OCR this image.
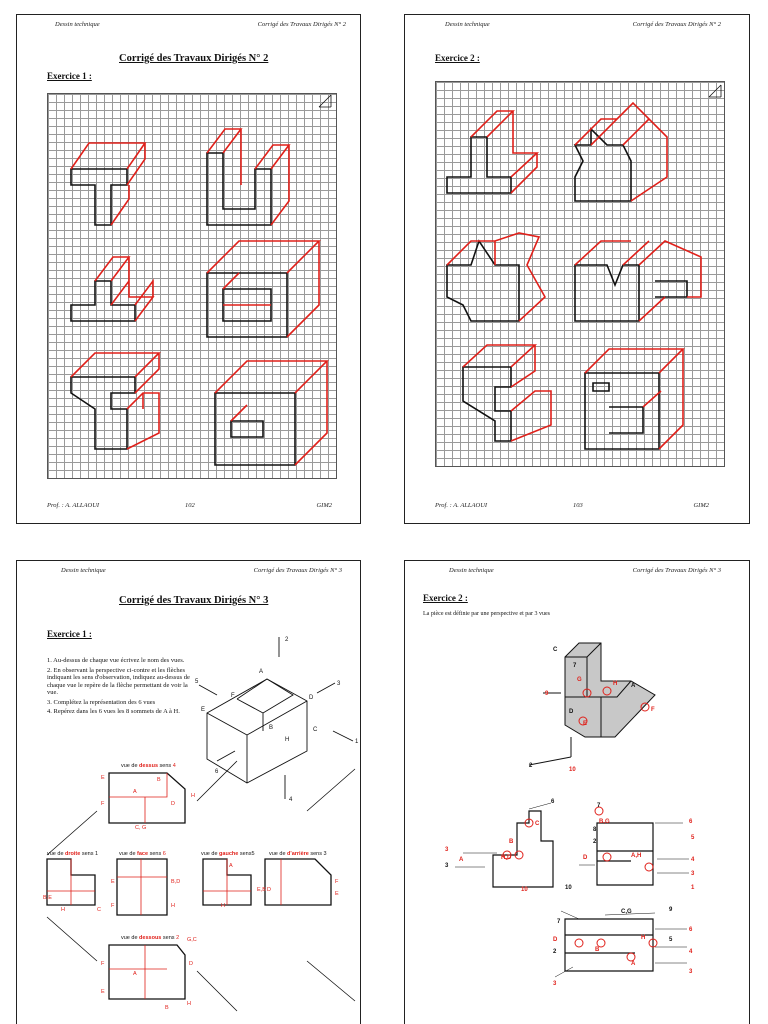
Dessin technique	Corrigé des Travaux Dirigés N° 2
Corrigé des Travaux Dirigés N° 2
Exercice 1 :
Prof. : A. ALLAOUI	102	GIM2
Dessin technique	Corrigé des Travaux Dirigés N° 2
Exercice 2 :
Prof. : A. ALLAOUI	103	GIM2
Dessin technique	Corrigé des Travaux Dirigés N° 3
Corrigé des Travaux Dirigés N° 3
Exercice 1 :
1. Au-dessus de chaque vue écrivez le nom des vues.
2. En observant la perspective ci-contre et les flèches indiquant les sens d'observation, indiquez au-dessus de chaque vue le repère de la flèche permettant de voir la vue.
3. Complétez la représentation des 6 vues
4. Repérez dans les 6 vues les 8 sommets de A à H.
2
4
3
1
6
5
A
F
E
D
C
B
H
vue de dessus sens 4
vue de droite sens 1	vue de face sens 6	vue de gauche sens5	vue de d'arrière sens 3
vue de dessous sens 2
E	B
H
F
A
D
C, G
B,E
H	C
E
F
B,D
H
A
E,B
H
D
F
E
G,C
F	D
A
E
H
B
Dessin technique	Corrigé des Travaux Dirigés N° 3
Exercice 2 :
La pièce est définie par une perspective et par 3 vues
7
C
9
G
H A
D
E
F
2
10
6
C
B
3
A	H,D
3
10
7
8
2
B,G	6
5
4
3
1
D	A,H
10
C,G	9
7
D
2	B
H
6
5
4
A
3
3
